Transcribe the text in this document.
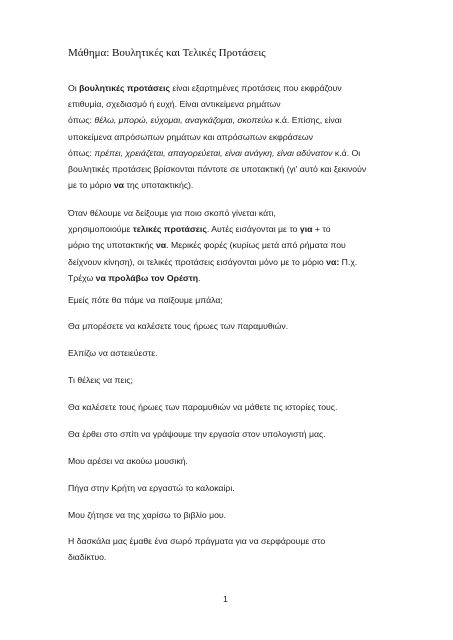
Μάθημα: Βουλητικές και Τελικές Προτάσεις
Οι βουλητικές προτάσεις είναι εξαρτημένες προτάσεις που εκφράζουν
επιθυμία, σχεδιασμό ή ευχή. Είναι αντικείμενα ρημάτων
όπως: θέλω, μπορώ, εύχομαι, αναγκάζομαι, σκοπεύω κ.ά. Επίσης, είναι
υποκείμενα απρόσωπων ρημάτων και απρόσωπων εκφράσεων
όπως: πρέπει, χρειάζεται, απαγορεύεται, είναι ανάγκη, είναι αδύνατον κ.ά. Οι
βουλητικές προτάσεις βρίσκονται πάντοτε σε υποτακτική (γι' αυτό και ξεκινούν
με το μόριο να της υποτακτικής).
Όταν θέλουμε να δείξουμε για ποιο σκοπό γίνεται κάτι,
χρησιμοποιούμε τελικές προτάσεις. Αυτές εισάγονται με το για + το
μόριο της υποτακτικής να. Μερικές φορές (κυρίως μετά από ρήματα που
δείχνουν κίνηση), οι τελικές προτάσεις εισάγονται μόνο με το μόριο να: Π.χ.
Τρέχω να προλάβω τον Ορέστη.
Εμείς πότε θα πάμε να παίξουμε μπάλα;
Θα μπορέσετε να καλέσετε τους ήρωες των παραμυθιών.
Ελπίζω να αστειεύεστε.
Τι θέλεις να πεις;
Θα καλέσετε τους ήρωες των παραμυθιών να μάθετε τις ιστορίες τους.
Θα έρθει στο σπίτι να γράψουμε την εργασία στον υπολογιστή μας.
Μου αρέσει να ακούω μουσική.
Πήγα στην Κρήτη να εργαστώ το καλοκαίρι.
Μου ζήτησε να της χαρίσω το βιβλίο μου.
Η δασκάλα μας έμαθε ένα σωρό πράγματα για να σερφάρουμε στο
διαδίκτυο.
1
